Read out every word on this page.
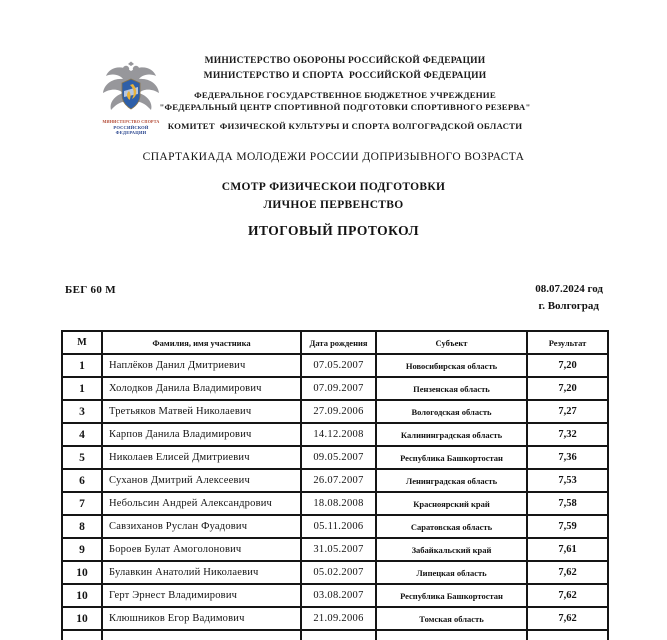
МИНИСТЕРСТВО СПОРТА
РОССИЙСКОЙ ФЕДЕРАЦИИ
МИНИСТЕРСТВО ОБОРОНЫ РОССИЙСКОЙ ФЕДЕРАЦИИ
МИНИСТЕРСТВО И СПОРТА  РОССИЙСКОЙ ФЕДЕРАЦИИ
ФЕДЕРАЛЬНОЕ ГОСУДАРСТВЕННОЕ БЮДЖЕТНОЕ УЧРЕЖДЕНИЕ
"ФЕДЕРАЛЬНЫЙ ЦЕНТР СПОРТИВНОЙ ПОДГОТОВКИ СПОРТИВНОГО РЕЗЕРВА"
КОМИТЕТ  ФИЗИЧЕСКОЙ КУЛЬТУРЫ И СПОРТА ВОЛГОГРАДСКОЙ ОБЛАСТИ
СПАРТАКИАДА МОЛОДЕЖИ РОССИИ ДОПРИЗЫВНОГО ВОЗРАСТА
СМОТР ФИЗИЧЕСКОИ ПОДГОТОВКИ
ЛИЧНОЕ ПЕРВЕНСТВО
ИТОГОВЫЙ ПРОТОКОЛ
БЕГ 60 М	08.07.2024 год
г. Волгоград
М	Фамилия, имя участника	Дата рождения	Субъект	Результат
1	Наплёков Данил Дмитриевич	07.05.2007	Новосибирская область	7,20
1	Холодков Данила Владимирович	07.09.2007	Пензенская область	7,20
3	Третьяков Матвей Николаевич	27.09.2006	Вологодская область	7,27
4	Карпов Данила Владимирович	14.12.2008	Калининградская область	7,32
5	Николаев Елисей Дмитриевич	09.05.2007	Республика Башкортостан	7,36
6	Суханов Дмитрий Алексеевич	26.07.2007	Ленинградская область	7,53
7	Небольсин Андрей Александрович	18.08.2008	Красноярский край	7,58
8	Савзиханов Руслан Фуадович	05.11.2006	Саратовская область	7,59
9	Бороев Булат Амоголонович	31.05.2007	Забайкальский край	7,61
10	Булавкин Анатолий Николаевич	05.02.2007	Липецкая область	7,62
10	Герт Эрнест Владимирович	03.08.2007	Республика Башкортостан	7,62
10	Клюшников Егор Вадимович	21.09.2006	Томская область	7,62
